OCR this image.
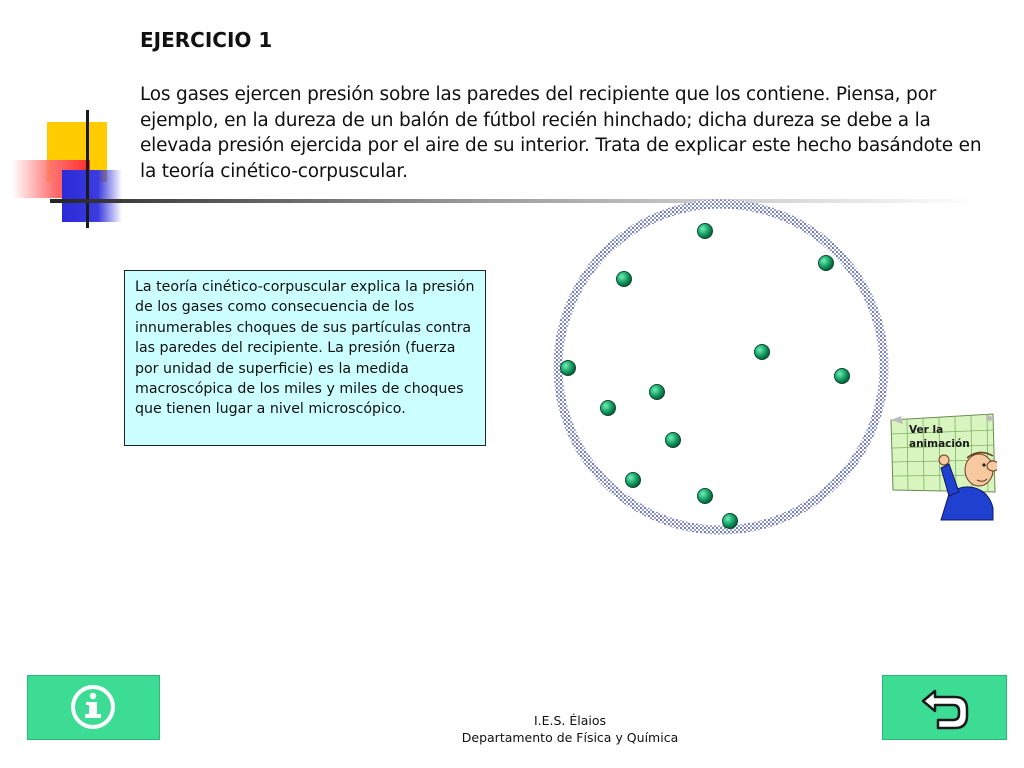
EJERCICIO 1
Los gases ejercen presión sobre las paredes del recipiente que los contiene. Piensa, por ejemplo, en la dureza de un balón de fútbol recién hinchado; dicha dureza se debe a la elevada presión ejercida por el aire de su interior. Trata de explicar este hecho basándote en la teoría cinético-corpuscular.
La teoría cinético-corpuscular explica la presión de los gases como consecuencia de los innumerables choques de sus partículas contra las paredes del recipiente. La presión (fuerza por unidad de superficie) es la medida macroscópica de los miles y miles de choques que tienen lugar a nivel microscópico.
Ver la
animación
I.E.S. Élaios
Departamento de Física y Química
